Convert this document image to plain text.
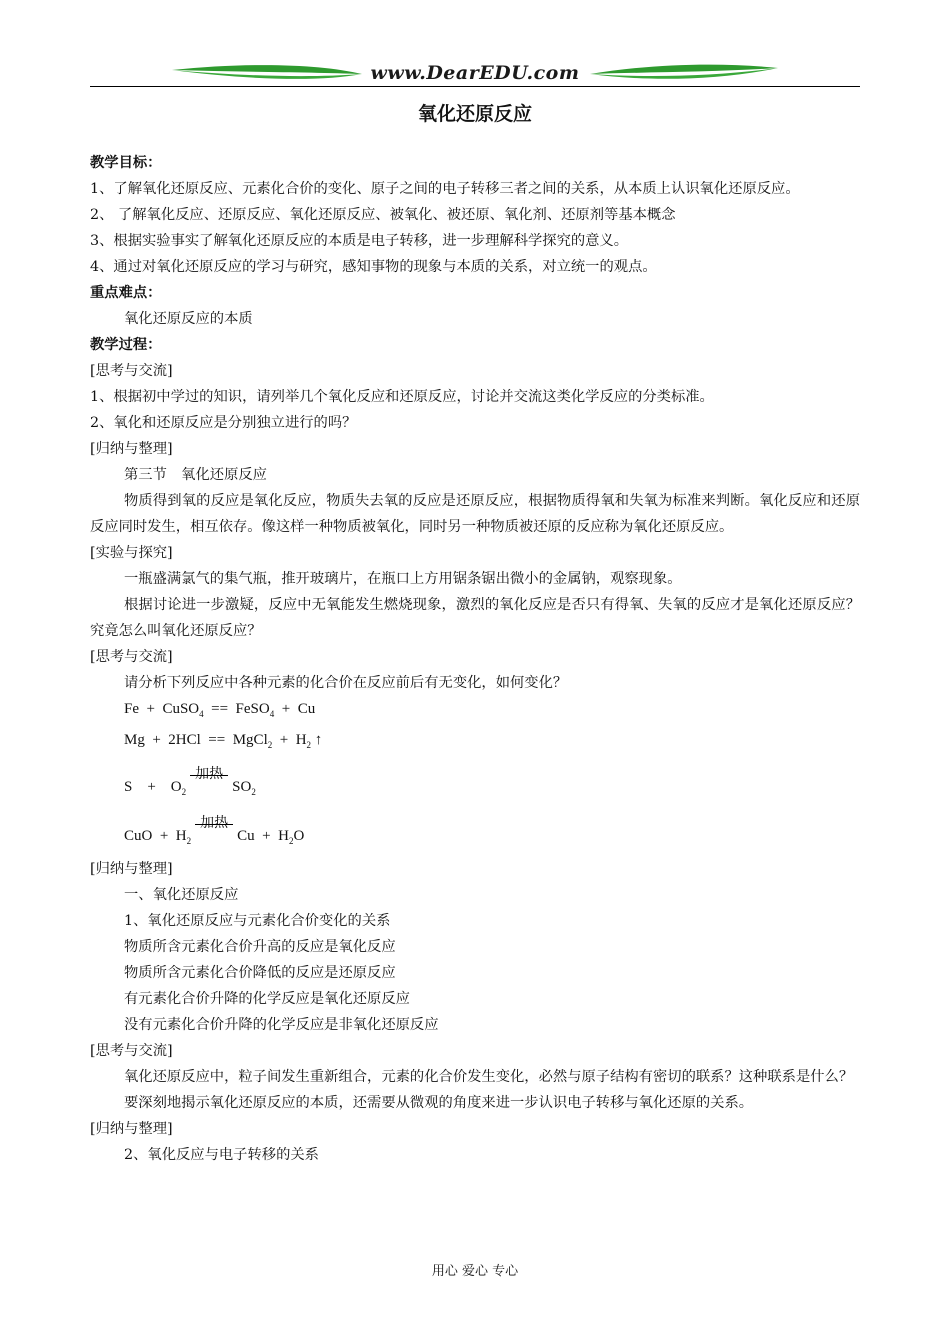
www.DearEDU.com
氧化还原反应

教学目标：

1、了解氧化还原反应、元素化合价的变化、原子之间的电子转移三者之间的关系，从本质上认识氧化还原反应。

2、 了解氧化反应、还原反应、氧化还原反应、被氧化、被还原、氧化剂、还原剂等基本概念

3、根据实验事实了解氧化还原反应的本质是电子转移，进一步理解科学探究的意义。

4、通过对氧化还原反应的学习与研究，感知事物的现象与本质的关系，对立统一的观点。

重点难点：

氧化还原反应的本质

教学过程：

[思考与交流]

1、根据初中学过的知识，请列举几个氧化反应和还原反应，讨论并交流这类化学反应的分类标准。

2、氧化和还原反应是分别独立进行的吗？

[归纳与整理]

第三节　氧化还原反应

物质得到氧的反应是氧化反应，物质失去氧的反应是还原反应，根据物质得氧和失氧为标准来判断。氧化反应和还原反应同时发生，相互依存。像这样一种物质被氧化，同时另一种物质被还原的反应称为氧化还原反应。

[实验与探究]

一瓶盛满氯气的集气瓶，推开玻璃片，在瓶口上方用锯条锯出微小的金属钠，观察现象。

根据讨论进一步激疑，反应中无氧能发生燃烧现象，激烈的氧化反应是否只有得氧、失氧的反应才是氧化还原反应？究竟怎么叫氧化还原反应？

[思考与交流]

请分析下列反应中各种元素的化合价在反应前后有无变化，如何变化？

Fe  +  CuSO$_4$  ==  FeSO$_4$  +  Cu

Mg  +  2HCl  ==  MgCl$_2$  +  $H_2$ ↑

S    +    $O_2$
加热
$SO_2$

CuO  +  $H_2$
加热
$Cu + H_2O$

[归纳与整理]

一、氧化还原反应

1、氧化还原反应与元素化合价变化的关系

物质所含元素化合价升高的反应是氧化反应

物质所含元素化合价降低的反应是还原反应

有元素化合价升降的化学反应是氧化还原反应

没有元素化合价升降的化学反应是非氧化还原反应

[思考与交流]

氧化还原反应中，粒子间发生重新组合，元素的化合价发生变化，必然与原子结构有密切的联系？这种联系是什么？

要深刻地揭示氧化还原反应的本质，还需要从微观的角度来进一步认识电子转移与氧化还原的关系。

[归纳与整理]

2、氧化反应与电子转移的关系

用心 爱心 专心
